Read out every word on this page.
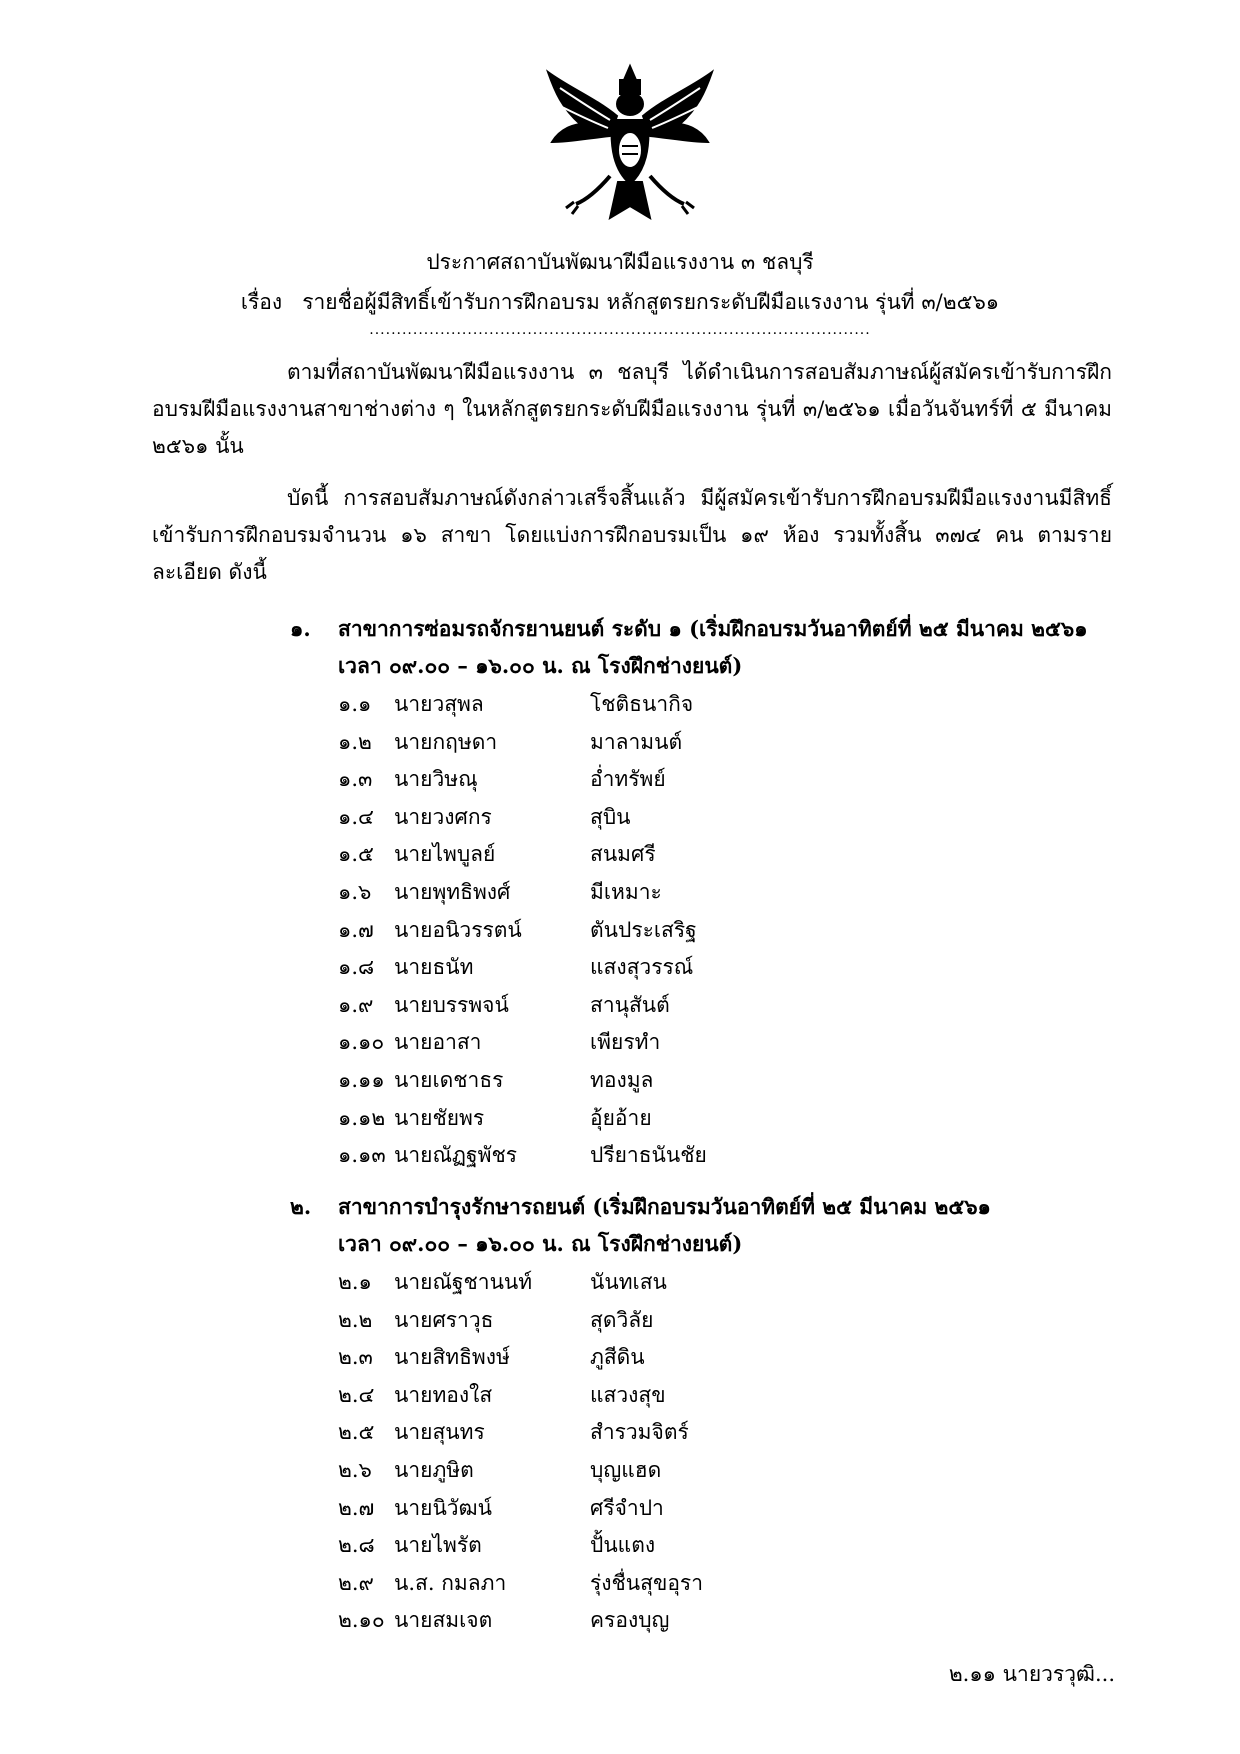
ประกาศสถาบันพัฒนาฝีมือแรงงาน ๓ ชลบุรี
เรื่อง รายชื่อผู้มีสิทธิ์เข้ารับการฝึกอบรม หลักสูตรยกระดับฝีมือแรงงาน รุ่นที่ ๓/๒๕๖๑
............................................................................................
ตามที่สถาบันพัฒนาฝีมือแรงงาน ๓ ชลบุรี ได้ดำเนินการสอบสัมภาษณ์ผู้สมัครเข้ารับการฝึกอบรมฝีมือแรงงานสาขาช่างต่าง ๆ ในหลักสูตรยกระดับฝีมือแรงงาน รุ่นที่ ๓/๒๕๖๑ เมื่อวันจันทร์ที่ ๕ มีนาคม ๒๕๖๑ นั้น
บัดนี้ การสอบสัมภาษณ์ดังกล่าวเสร็จสิ้นแล้ว มีผู้สมัครเข้ารับการฝึกอบรมฝีมือแรงงานมีสิทธิ์เข้ารับการฝึกอบรมจำนวน ๑๖ สาขา โดยแบ่งการฝึกอบรมเป็น ๑๙ ห้อง รวมทั้งสิ้น ๓๗๔ คน ตามรายละเอียด ดังนี้
๑. สาขาการซ่อมรถจักรยานยนต์ ระดับ ๑ (เริ่มฝึกอบรมวันอาทิตย์ที่ ๒๕ มีนาคม ๒๕๖๑
เวลา ๐๙.๐๐ – ๑๖.๐๐ น. ณ โรงฝึกช่างยนต์)
๑.๑ นายวสุพล	โชติธนากิจ
๑.๒ นายกฤษดา	มาลามนต์
๑.๓ นายวิษณุ	อ่ำทรัพย์
๑.๔ นายวงศกร	สุบิน
๑.๕ นายไพบูลย์	สนมศรี
๑.๖ นายพุทธิพงศ์	มีเหมาะ
๑.๗ นายอนิวรรตน์	ตันประเสริฐ
๑.๘ นายธนัท	แสงสุวรรณ์
๑.๙ นายบรรพจน์	สานุสันต์
๑.๑๐ นายอาสา	เพียรทำ
๑.๑๑ นายเดชาธร	ทองมูล
๑.๑๒ นายชัยพร	อุ้ยอ้าย
๑.๑๓ นายณัฏฐพัชร	ปรียาธนันชัย
๒. สาขาการบำรุงรักษารถยนต์ (เริ่มฝึกอบรมวันอาทิตย์ที่ ๒๕ มีนาคม ๒๕๖๑
เวลา ๐๙.๐๐ – ๑๖.๐๐ น. ณ โรงฝึกช่างยนต์)
๒.๑ นายณัฐชานนท์	นันทเสน
๒.๒ นายศราวุธ	สุดวิลัย
๒.๓ นายสิทธิพงษ์	ภูสีดิน
๒.๔ นายทองใส	แสวงสุข
๒.๕ นายสุนทร	สำรวมจิตร์
๒.๖ นายภูษิต	บุญแฮด
๒.๗ นายนิวัฒน์	ศรีจำปา
๒.๘ นายไพรัต	ปั้นแตง
๒.๙ น.ส. กมลภา	รุ่งชื่นสุขอุรา
๒.๑๐ นายสมเจต	ครองบุญ
๒.๑๑ นายวรวุฒิ...
